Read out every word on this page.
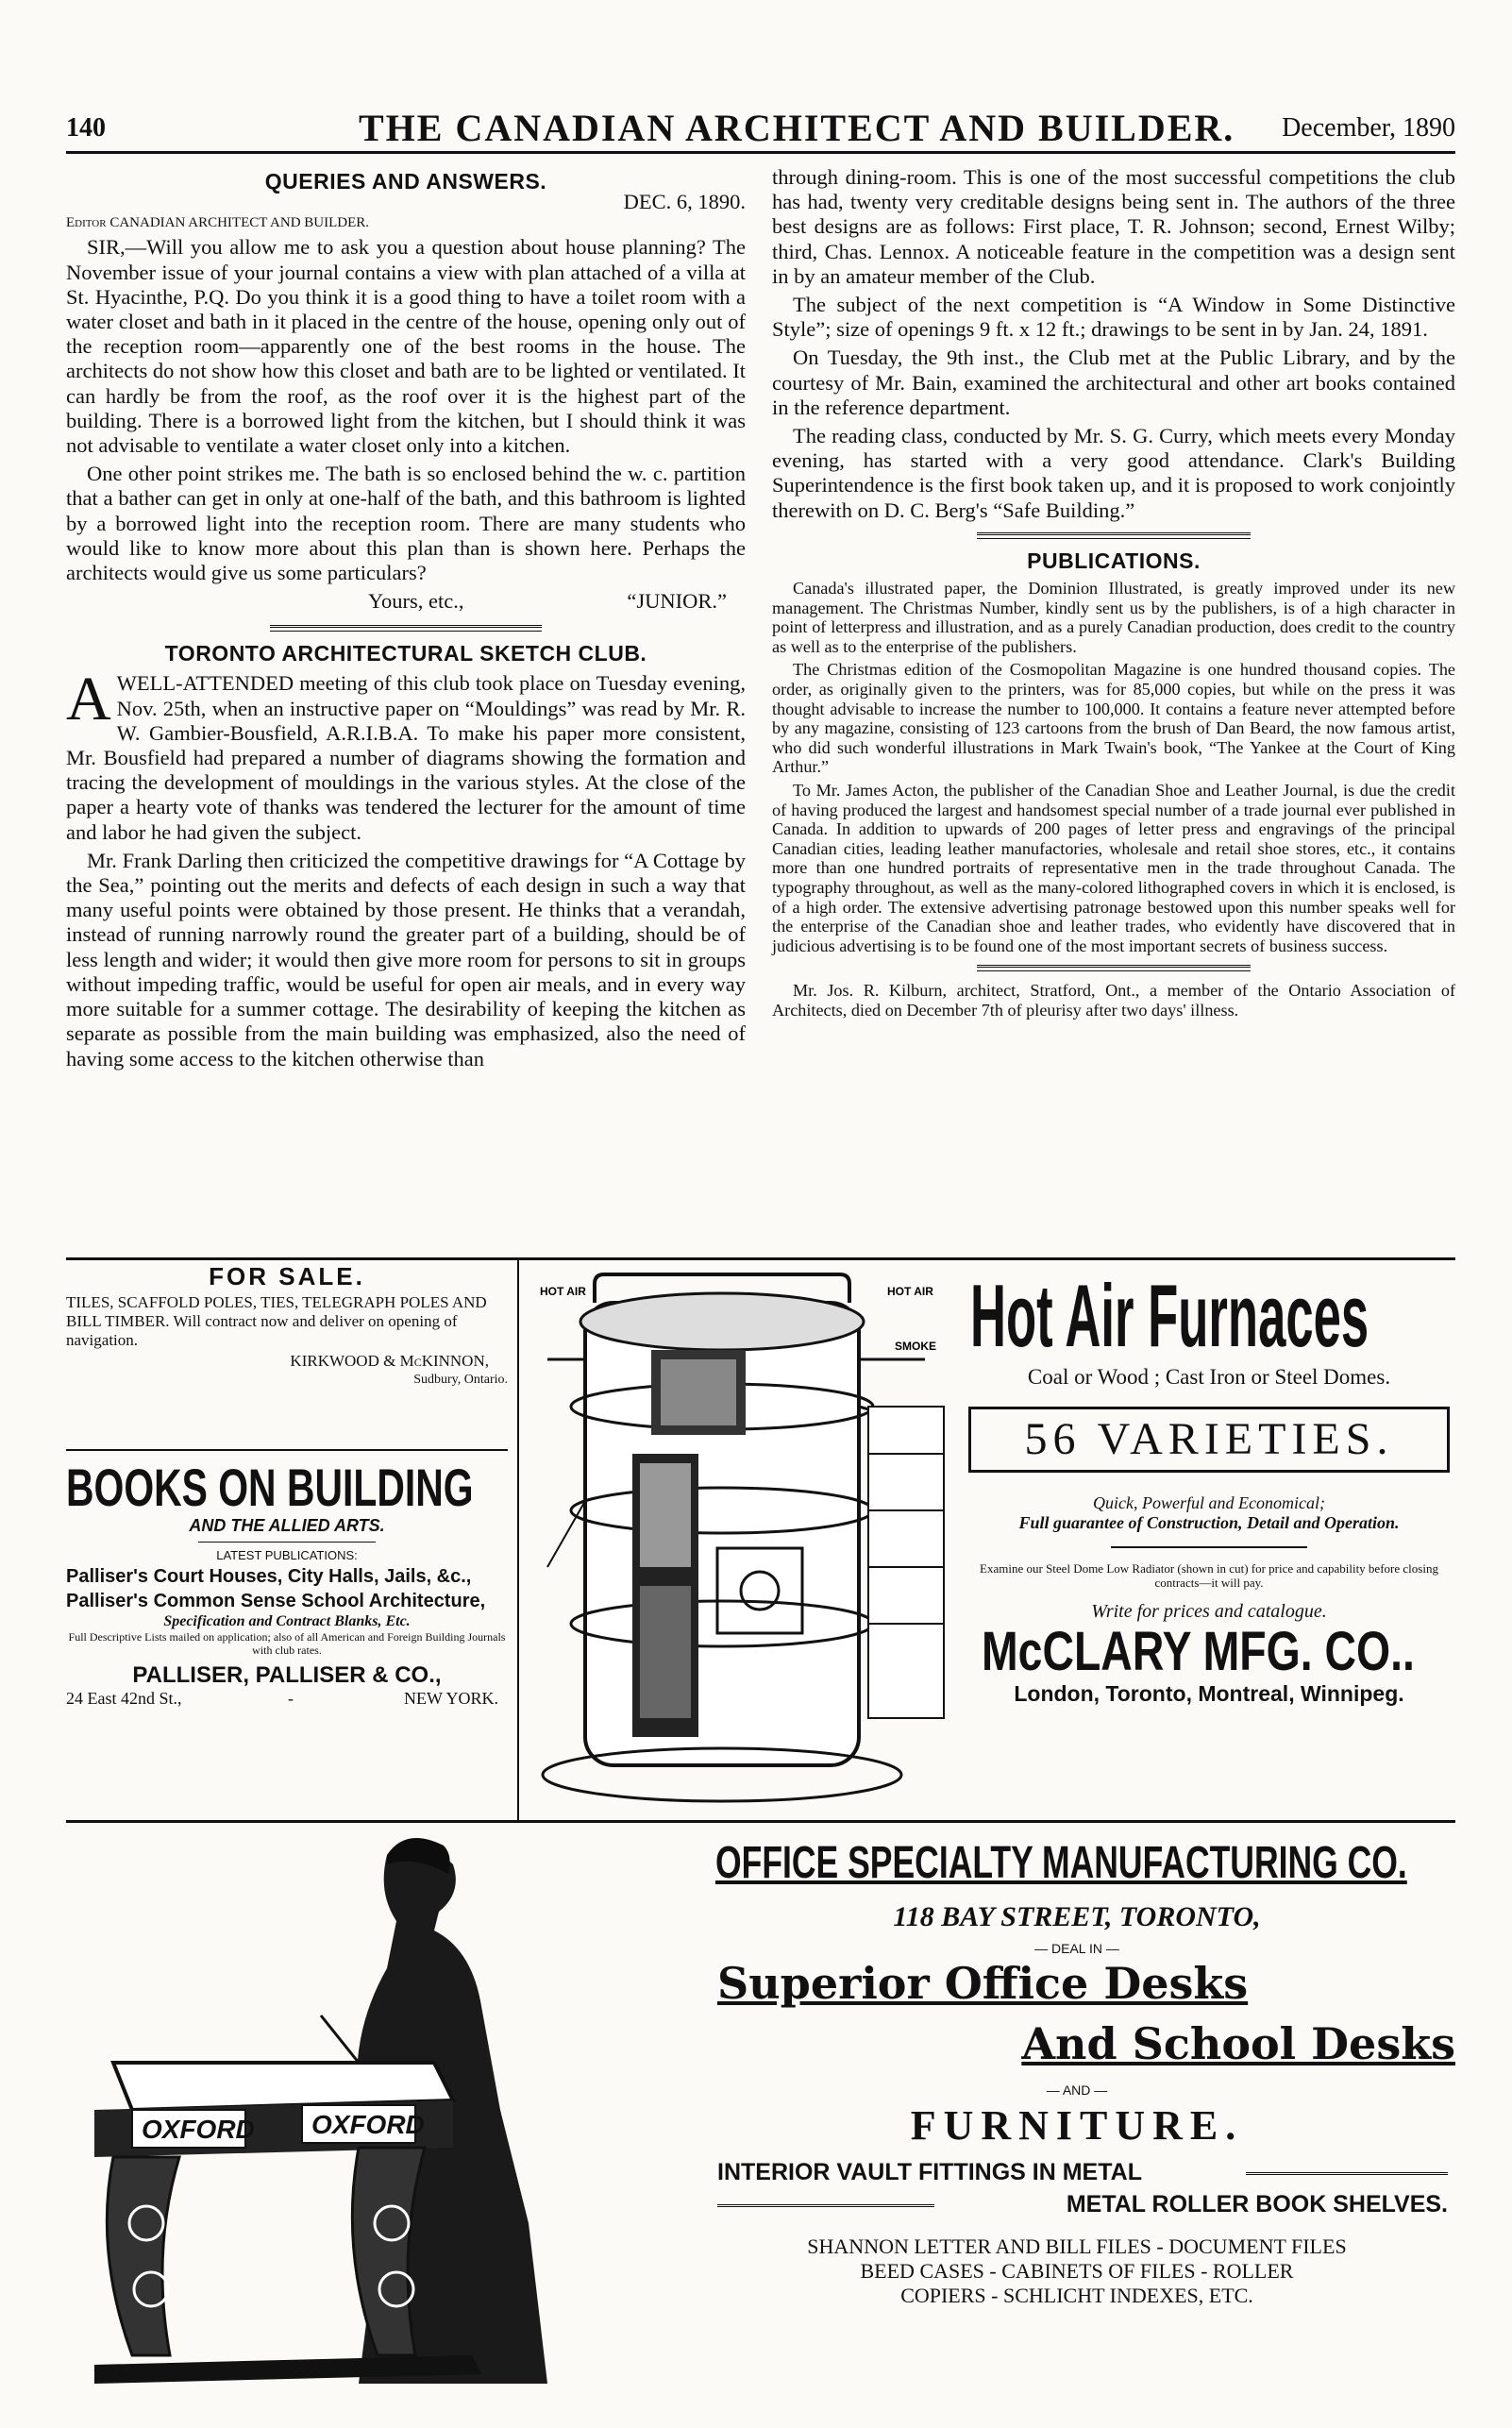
140	THE CANADIAN ARCHITECT AND BUILDER. December, 1890
QUERIES AND ANSWERS.
DEC. 6, 1890.
Editor CANADIAN ARCHITECT AND BUILDER.

SIR,—Will you allow me to ask you a question about house planning? The November issue of your journal contains a view with plan attached of a villa at St. Hyacinthe, P.Q. Do you think it is a good thing to have a toilet room with a water closet and bath in it placed in the centre of the house, opening only out of the reception room—apparently one of the best rooms in the house. The architects do not show how this closet and bath are to be lighted or ventilated. It can hardly be from the roof, as the roof over it is the highest part of the building. There is a borrowed light from the kitchen, but I should think it was not advisable to ventilate a water closet only into a kitchen.

One other point strikes me. The bath is so enclosed behind the w. c. partition that a bather can get in only at one-half of the bath, and this bathroom is lighted by a borrowed light into the reception room. There are many students who would like to know more about this plan than is shown here. Perhaps the architects would give us some particulars?

Yours, etc.,	“JUNIOR.”
TORONTO ARCHITECTURAL SKETCH CLUB.

AWELL-ATTENDED meeting of this club took place on Tuesday evening, Nov. 25th, when an instructive paper on “Mouldings” was read by Mr. R. W. Gambier-Bousfield, A.R.I.B.A. To make his paper more consistent, Mr. Bousfield had prepared a number of diagrams showing the formation and tracing the development of mouldings in the various styles. At the close of the paper a hearty vote of thanks was tendered the lecturer for the amount of time and labor he had given the subject.

Mr. Frank Darling then criticized the competitive drawings for “A Cottage by the Sea,” pointing out the merits and defects of each design in such a way that many useful points were obtained by those present. He thinks that a verandah, instead of running narrowly round the greater part of a building, should be of less length and wider; it would then give more room for persons to sit in groups without impeding traffic, would be useful for open air meals, and in every way more suitable for a summer cottage. The desirability of keeping the kitchen as separate as possible from the main building was emphasized, also the need of having some access to the kitchen otherwise than

through dining-room. This is one of the most successful competitions the club has had, twenty very creditable designs being sent in. The authors of the three best designs are as follows: First place, T. R. Johnson; second, Ernest Wilby; third, Chas. Lennox. A noticeable feature in the competition was a design sent in by an amateur member of the Club.

The subject of the next competition is “A Window in Some Distinctive Style”; size of openings 9 ft. x 12 ft.; drawings to be sent in by Jan. 24, 1891.

On Tuesday, the 9th inst., the Club met at the Public Library, and by the courtesy of Mr. Bain, examined the architectural and other art books contained in the reference department.

The reading class, conducted by Mr. S. G. Curry, which meets every Monday evening, has started with a very good attendance. Clark's Building Superintendence is the first book taken up, and it is proposed to work conjointly therewith on D. C. Berg's “Safe Building.”

PUBLICATIONS.

Canada's illustrated paper, the Dominion Illustrated, is greatly improved under its new management. The Christmas Number, kindly sent us by the publishers, is of a high character in point of letterpress and illustration, and as a purely Canadian production, does credit to the country as well as to the enterprise of the publishers.

The Christmas edition of the Cosmopolitan Magazine is one hundred thousand copies. The order, as originally given to the printers, was for 85,000 copies, but while on the press it was thought advisable to increase the number to 100,000. It contains a feature never attempted before by any magazine, consisting of 123 cartoons from the brush of Dan Beard, the now famous artist, who did such wonderful illustrations in Mark Twain's book, “The Yankee at the Court of King Arthur.”

To Mr. James Acton, the publisher of the Canadian Shoe and Leather Journal, is due the credit of having produced the largest and handsomest special number of a trade journal ever published in Canada. In addition to upwards of 200 pages of letter press and engravings of the principal Canadian cities, leading leather manufactories, wholesale and retail shoe stores, etc., it contains more than one hundred portraits of representative men in the trade throughout Canada. The typography throughout, as well as the many-colored lithographed covers in which it is enclosed, is of a high order. The extensive advertising patronage bestowed upon this number speaks well for the enterprise of the Canadian shoe and leather trades, who evidently have discovered that in judicious advertising is to be found one of the most important secrets of business success.

Mr. Jos. R. Kilburn, architect, Stratford, Ont., a member of the Ontario Association of Architects, died on December 7th of pleurisy after two days' illness.

FOR SALE.
TILES, SCAFFOLD POLES, TIES, TELEGRAPH POLES AND BILL TIMBER. Will contract now and deliver on opening of navigation.
KIRKWOOD & McKINNON,
Sudbury, Ontario.
BOOKS ON BUILDING
AND THE ALLIED ARTS.
LATEST PUBLICATIONS:
Palliser's Court Houses, City Halls, Jails, &c.,
Palliser's Common Sense School Architecture,
Specification and Contract Blanks, Etc.
Full Descriptive Lists mailed on application; also of all American and Foreign Building Journals with club rates.
PALLISER, PALLISER & CO.,
24 East 42nd St.,	-	NEW YORK.
HOT AIR	HOT AIR
SMOKE Hot Air Furnaces
Coal or Wood ; Cast Iron or Steel Domes.
56 VARIETIES.
Quick, Powerful and Economical;
Full guarantee of Construction, Detail and Operation.
Examine our Steel Dome Low Radiator (shown in cut) for price and capability before closing contracts—it will pay.
Write for prices and catalogue.
McCLARY MFG. CO..
London, Toronto, Montreal, Winnipeg.
OXFORD OXFORD
OFFICE SPECIALTY MANUFACTURING CO.
118 BAY STREET, TORONTO,
— DEAL IN —
Superior Office Desks
And School Desks
— AND —
FURNITURE.
INTERIOR VAULT FITTINGS IN METAL
METAL ROLLER BOOK SHELVES.
SHANNON LETTER AND BILL FILES - DOCUMENT FILES
BEED CASES - CABINETS OF FILES - ROLLER
COPIERS - SCHLICHT INDEXES, ETC.
